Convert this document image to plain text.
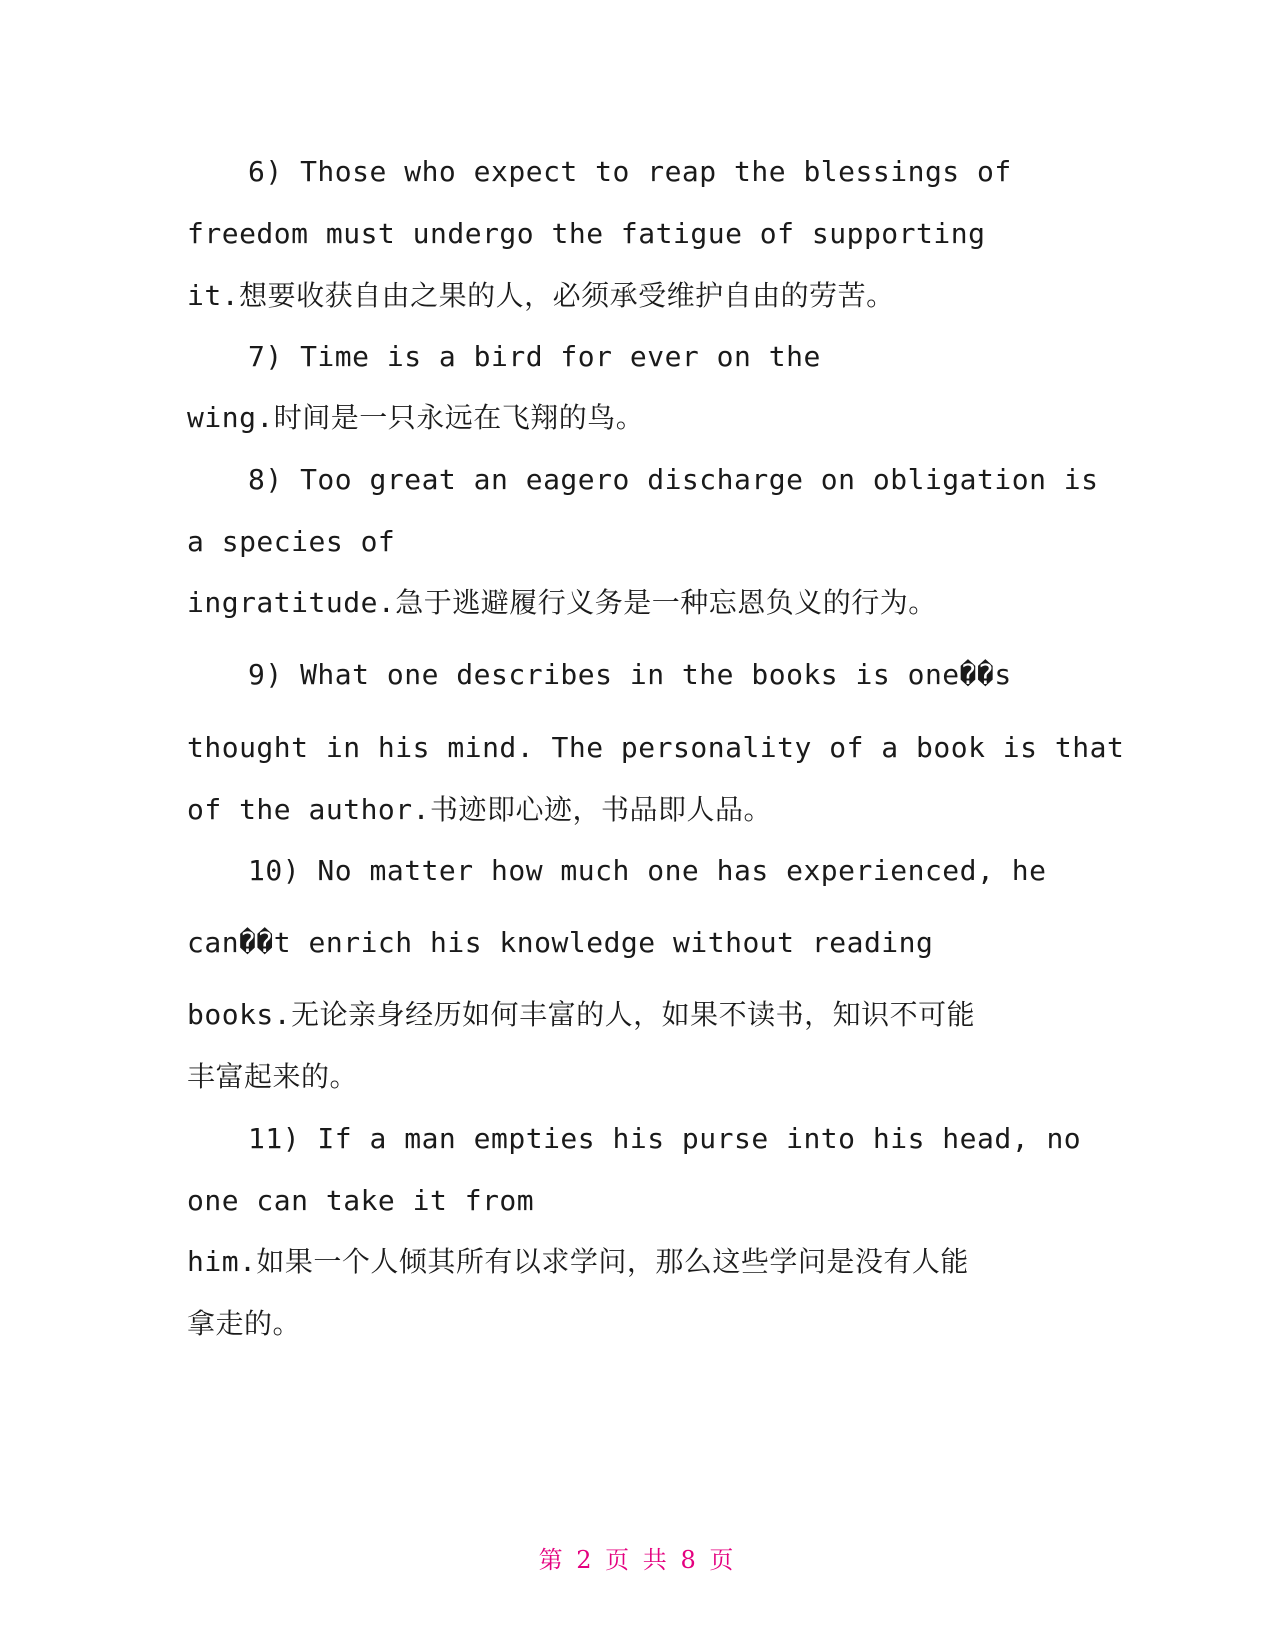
6) Those who expect to reap the blessings of
freedom must undergo the fatigue of supporting
it.想要收获自由之果的人，必须承受维护自由的劳苦。
7) Time is a bird for ever on the
wing.时间是一只永远在飞翔的鸟。
8) Too great an eagero discharge on obligation is
a species of
ingratitude.急于逃避履行义务是一种忘恩负义的行为。
9) What one describes in the books is one��s
thought in his mind. The personality of a book is that
of the author.书迹即心迹，书品即人品。
10) No matter how much one has experienced, he
can��t enrich his knowledge without reading
books.无论亲身经历如何丰富的人，如果不读书，知识不可能
丰富起来的。
11) If a man empties his purse into his head, no
one can take it from
him.如果一个人倾其所有以求学问，那么这些学问是没有人能
拿走的。
第 2 页 共 8 页
